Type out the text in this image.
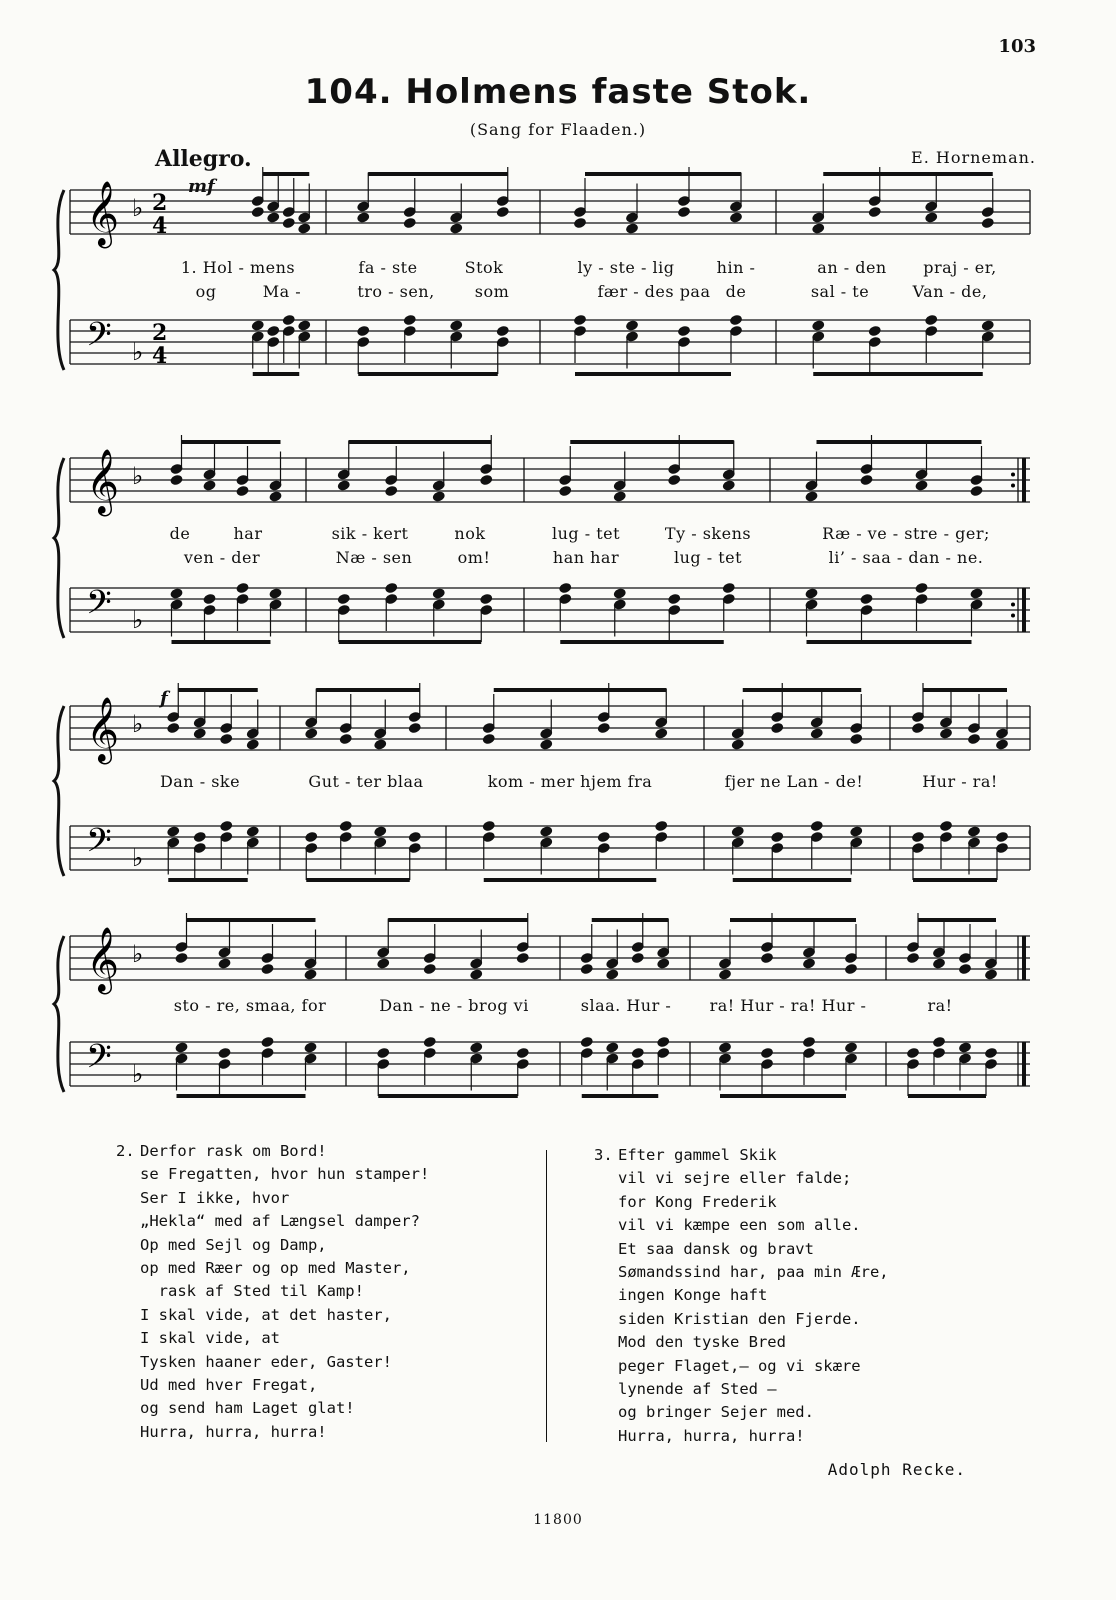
103
104. Holmens faste Stok.
(Sang for Flaaden.)
Allegro.	E. Horneman.
𝄞 ♭ 2
4
𝄢 ♭
2
4
mf
1. Hol - mens	fa - ste	Stok	ly - ste - lig	hin -	an - den praj - er,
og	Ma -	tro - sen,	som	fær - des paa de	sal - te	Van - de,
𝄞 ♭
𝄢 ♭
de	har	sik - kert	nok	lug - tet	Ty - skens	Ræ - ve - stre - ger;
ven - der	Næ - sen	om!	han har	lug - tet	li’ - saa - dan - ne.
𝄞 ♭
𝄢 ♭
f
Dan - ske	Gut - ter blaa	kom - mer hjem fra	fjer ne Lan - de!	Hur - ra!
𝄞 ♭
𝄢 ♭
sto - re, smaa, for	Dan - ne - brog vi	slaa. Hur - ra! Hur - ra! Hur -	ra!
2. Derfor rask om Bord!
se Fregatten, hvor hun stamper!
Ser I ikke, hvor
„Hekla“ med af Længsel damper?
Op med Sejl og Damp,
op med Ræer og op med Master,
rask af Sted til Kamp!
I skal vide, at det haster,
I skal vide, at
Tysken haaner eder, Gaster!
Ud med hver Fregat,
og send ham Laget glat!
Hurra, hurra, hurra!
3. Efter gammel Skik
vil vi sejre eller falde;
for Kong Frederik
vil vi kæmpe een som alle.
Et saa dansk og bravt
Sømandssind har, paa min Ære,
ingen Konge haft
siden Kristian den Fjerde.
Mod den tyske Bred
peger Flaget,— og vi skære
lynende af Sted —
og bringer Sejer med.
Hurra, hurra, hurra!
Adolph Recke.
11800
